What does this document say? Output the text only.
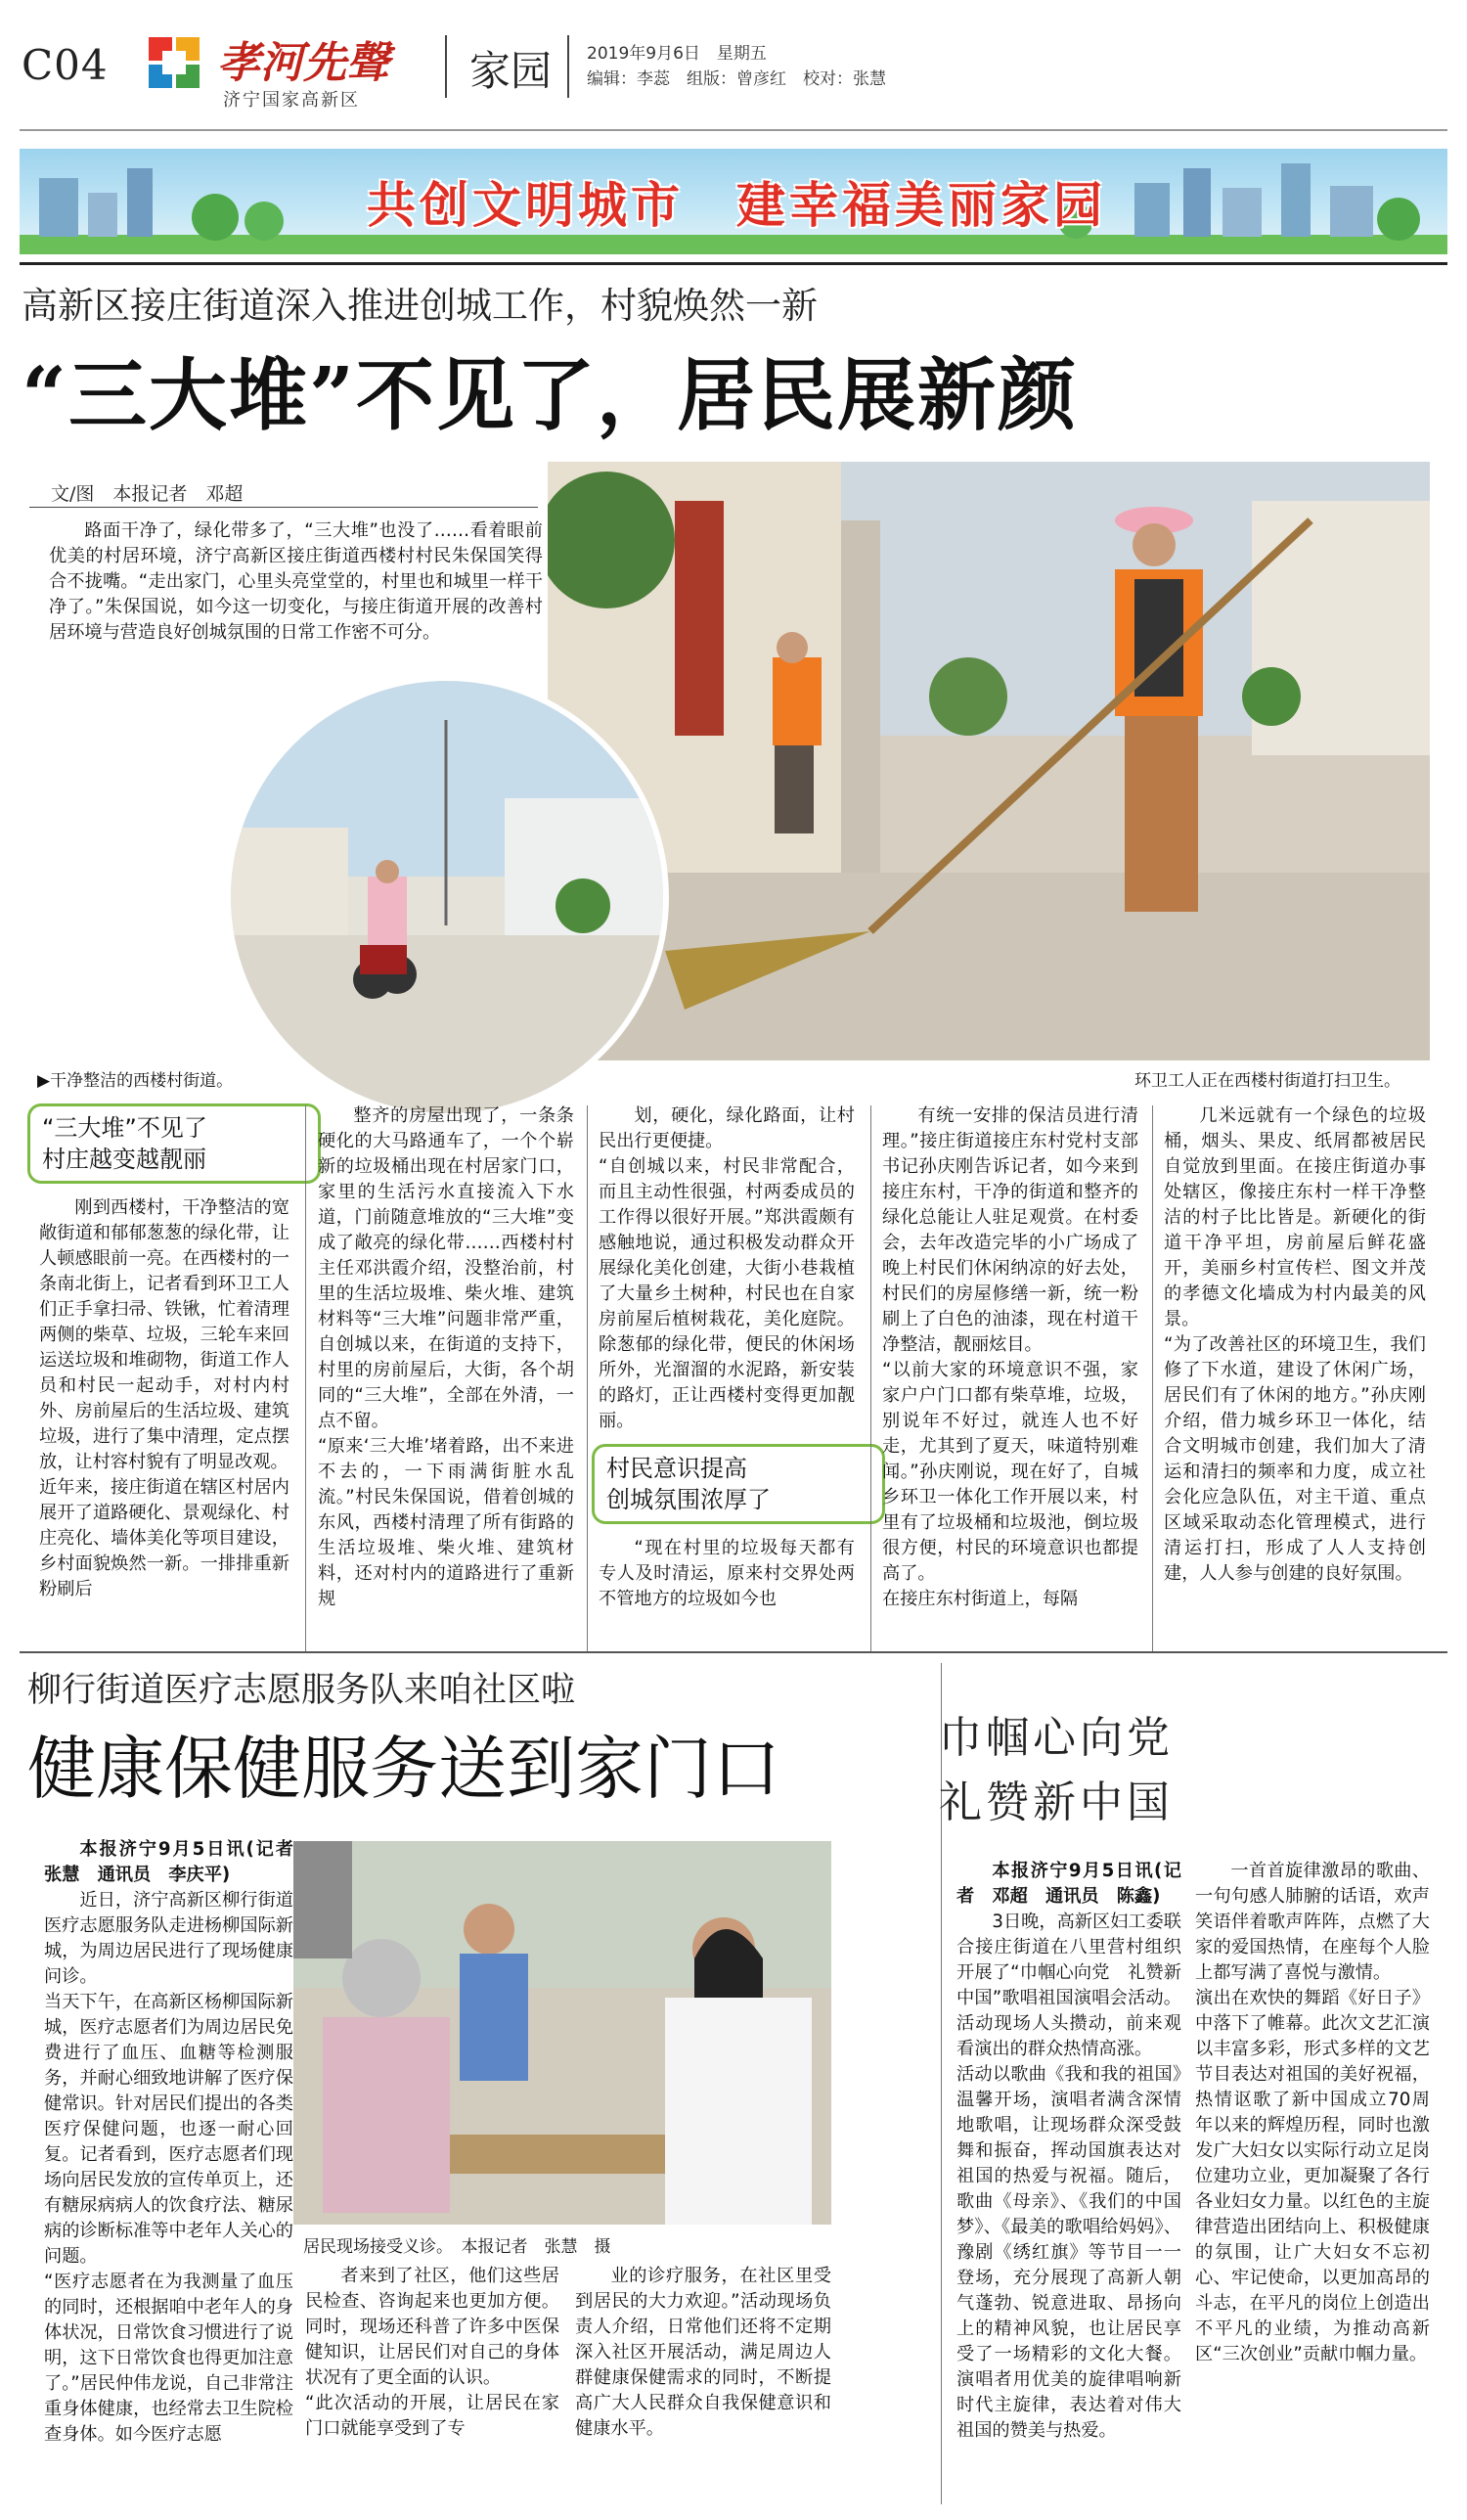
C04	孝河先聲
济宁国家高新区
家园 2019年9月6日　星期五
编辑：李蕊　组版：曾彦红　校对：张慧
共创文明城市　建幸福美丽家园
高新区接庄街道深入推进创城工作，村貌焕然一新
“三大堆”不见了，居民展新颜
文/图　本报记者　邓超

路面干净了，绿化带多了，“三大堆”也没了……看着眼前优美的村居环境，济宁高新区接庄街道西楼村村民朱保国笑得合不拢嘴。“走出家门，心里头亮堂堂的，村里也和城里一样干净了。”朱保国说，如今这一切变化，与接庄街道开展的改善村居环境与营造良好创城氛围的日常工作密不可分。

环卫工人正在西楼村街道打扫卫生。
▶干净整洁的西楼村街道。
“三大堆”不见了
村庄越变越靓丽

刚到西楼村，干净整洁的宽敞街道和郁郁葱葱的绿化带，让人顿感眼前一亮。在西楼村的一条南北街上，记者看到环卫工人们正手拿扫帚、铁锹，忙着清理两侧的柴草、垃圾，三轮车来回运送垃圾和堆砌物，街道工作人员和村民一起动手，对村内村外、房前屋后的生活垃圾、建筑垃圾，进行了集中清理，定点摆放，让村容村貌有了明显改观。
近年来，接庄街道在辖区村居内展开了道路硬化、景观绿化、村庄亮化、墙体美化等项目建设，乡村面貌焕然一新。一排排重新粉刷后

整齐的房屋出现了，一条条硬化的大马路通车了，一个个崭新的垃圾桶出现在村居家门口，家里的生活污水直接流入下水道，门前随意堆放的“三大堆”变成了敞亮的绿化带……西楼村村主任邓洪霞介绍，没整治前，村里的生活垃圾堆、柴火堆、建筑材料等“三大堆”问题非常严重，自创城以来，在街道的支持下，村里的房前屋后，大街，各个胡同的“三大堆”，全部在外清，一点不留。
“原来‘三大堆’堵着路，出不来进不去的，一下雨满街脏水乱流。”村民朱保国说，借着创城的东风，西楼村清理了所有街路的生活垃圾堆、柴火堆、建筑材料，还对村内的道路进行了重新规

划，硬化，绿化路面，让村民出行更便捷。
“自创城以来，村民非常配合，而且主动性很强，村两委成员的工作得以很好开展。”郑洪霞颇有感触地说，通过积极发动群众开展绿化美化创建，大街小巷栽植了大量乡土树种，村民也在自家房前屋后植树栽花，美化庭院。除葱郁的绿化带，便民的休闲场所外，光溜溜的水泥路，新安装的路灯，正让西楼村变得更加靓丽。

村民意识提高
创城氛围浓厚了

“现在村里的垃圾每天都有专人及时清运，原来村交界处两不管地方的垃圾如今也

有统一安排的保洁员进行清理。”接庄街道接庄东村党村支部书记孙庆刚告诉记者，如今来到接庄东村，干净的街道和整齐的绿化总能让人驻足观赏。在村委会，去年改造完毕的小广场成了晚上村民们休闲纳凉的好去处，村民们的房屋修缮一新，统一粉刷上了白色的油漆，现在村道干净整洁，靓丽炫目。
“以前大家的环境意识不强，家家户户门口都有柴草堆，垃圾，别说年不好过，就连人也不好走，尤其到了夏天，味道特别难闻。”孙庆刚说，现在好了，自城乡环卫一体化工作开展以来，村里有了垃圾桶和垃圾池，倒垃圾很方便，村民的环境意识也都提高了。
在接庄东村街道上，每隔

几米远就有一个绿色的垃圾桶，烟头、果皮、纸屑都被居民自觉放到里面。在接庄街道办事处辖区，像接庄东村一样干净整洁的村子比比皆是。新硬化的街道干净平坦，房前屋后鲜花盛开，美丽乡村宣传栏、图文并茂的孝德文化墙成为村内最美的风景。
“为了改善社区的环境卫生，我们修了下水道，建设了休闲广场，居民们有了休闲的地方。”孙庆刚介绍，借力城乡环卫一体化，结合文明城市创建，我们加大了清运和清扫的频率和力度，成立社会化应急队伍，对主干道、重点区域采取动态化管理模式，进行清运打扫，形成了人人支持创建，人人参与创建的良好氛围。

柳行街道医疗志愿服务队来咱社区啦
健康保健服务送到家门口

本报济宁9月5日讯(记者　张慧　通讯员　李庆平)

近日，济宁高新区柳行街道医疗志愿服务队走进杨柳国际新城，为周边居民进行了现场健康问诊。
当天下午，在高新区杨柳国际新城，医疗志愿者们为周边居民免费进行了血压、血糖等检测服务，并耐心细致地讲解了医疗保健常识。针对居民们提出的各类医疗保健问题，也逐一耐心回复。记者看到，医疗志愿者们现场向居民发放的宣传单页上，还有糖尿病病人的饮食疗法、糖尿病的诊断标准等中老年人关心的问题。
“医疗志愿者在为我测量了血压的同时，还根据咱中老年人的身体状况，日常饮食习惯进行了说明，这下日常饮食也得更加注意了。”居民仲伟龙说，自己非常注重身体健康，也经常去卫生院检查身体。如今医疗志愿

居民现场接受义诊。　本报记者　张慧　摄

者来到了社区，他们这些居民检查、咨询起来也更加方便。同时，现场还科普了许多中医保健知识，让居民们对自己的身体状况有了更全面的认识。
“此次活动的开展，让居民在家门口就能享受到了专

业的诊疗服务，在社区里受到居民的大力欢迎。”活动现场负责人介绍，日常他们还将不定期深入社区开展活动，满足周边人群健康保健需求的同时，不断提高广大人民群众自我保健意识和健康水平。

巾帼心向党
礼赞新中国

本报济宁9月5日讯(记者　邓超　通讯员　陈鑫)

3日晚，高新区妇工委联合接庄街道在八里营村组织开展了“巾帼心向党　礼赞新中国”歌唱祖国演唱会活动。活动现场人头攒动，前来观看演出的群众热情高涨。
活动以歌曲《我和我的祖国》温馨开场，演唱者满含深情地歌唱，让现场群众深受鼓舞和振奋，挥动国旗表达对祖国的热爱与祝福。随后，歌曲《母亲》、《我们的中国梦》、《最美的歌唱给妈妈》、豫剧《绣红旗》等节目一一登场，充分展现了高新人朝气蓬勃、锐意进取、昂扬向上的精神风貌，也让居民享受了一场精彩的文化大餐。演唱者用优美的旋律唱响新时代主旋律，表达着对伟大祖国的赞美与热爱。

一首首旋律激昂的歌曲、一句句感人肺腑的话语，欢声笑语伴着歌声阵阵，点燃了大家的爱国热情，在座每个人脸上都写满了喜悦与激情。
演出在欢快的舞蹈《好日子》中落下了帷幕。此次文艺汇演以丰富多彩，形式多样的文艺节目表达对祖国的美好祝福，热情讴歌了新中国成立70周年以来的辉煌历程，同时也激发广大妇女以实际行动立足岗位建功立业，更加凝聚了各行各业妇女力量。以红色的主旋律营造出团结向上、积极健康的氛围，让广大妇女不忘初心、牢记使命，以更加高昂的斗志，在平凡的岗位上创造出不平凡的业绩，为推动高新区“三次创业”贡献巾帼力量。
